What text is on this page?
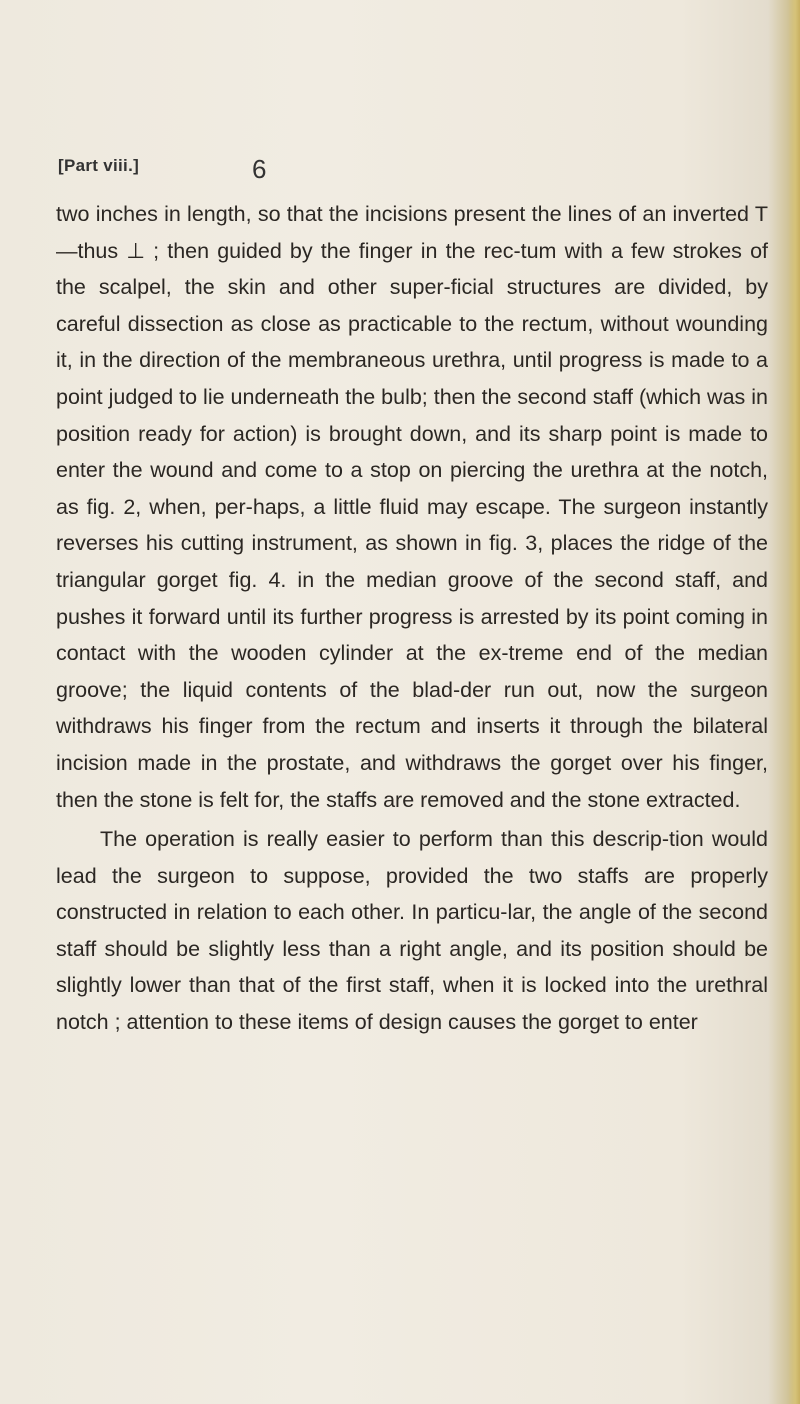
[Part viii.]	6

two inches in length, so that the incisions present the lines of an inverted T—thus ⊥ ; then guided by the finger in the rec-tum with a few strokes of the scalpel, the skin and other super-ficial structures are divided, by careful dissection as close as practicable to the rectum, without wounding it, in the direction of the membraneous urethra, until progress is made to a point judged to lie underneath the bulb; then the second staff (which was in position ready for action) is brought down, and its sharp point is made to enter the wound and come to a stop on piercing the urethra at the notch, as fig. 2, when, per-haps, a little fluid may escape. The surgeon instantly reverses his cutting instrument, as shown in fig. 3, places the ridge of the triangular gorget fig. 4. in the median groove of the second staff, and pushes it forward until its further progress is arrested by its point coming in contact with the wooden cylinder at the ex-treme end of the median groove; the liquid contents of the blad-der run out, now the surgeon withdraws his finger from the rectum and inserts it through the bilateral incision made in the prostate, and withdraws the gorget over his finger, then the stone is felt for, the staffs are removed and the stone extracted.

The operation is really easier to perform than this descrip-tion would lead the surgeon to suppose, provided the two staffs are properly constructed in relation to each other. In particu-lar, the angle of the second staff should be slightly less than a right angle, and its position should be slightly lower than that of the first staff, when it is locked into the urethral notch ; attention to these items of design causes the gorget to enter
